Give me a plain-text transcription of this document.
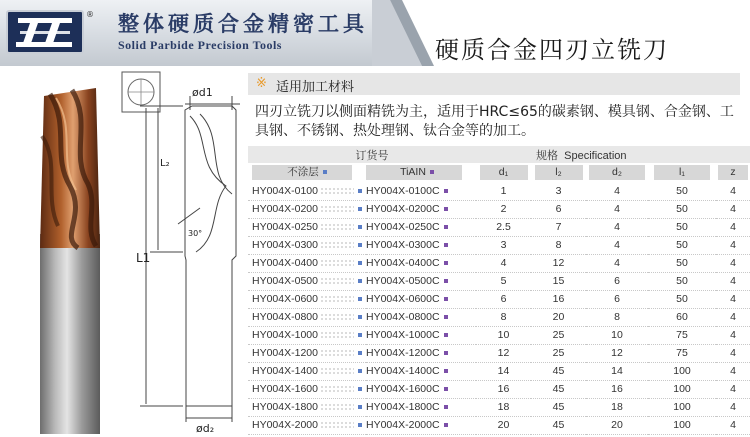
® 整体硬质合金精密工具
Solid Parbide Precision Tools	硬质合金四刃立铣刀
ød1
L₂
L1
30°
ød₂
※ 适用加工材料
四刃立铣刀以侧面精铣为主，适用于HRC≤65的碳素钢、模具钢、合金钢、工具钢、不锈钢、热处理钢、钛合金等的加工。
订货号		规格 Specification				
不涂层	TiAIN	d₁	l₂	d₂	l₁	z
HY004X-0100	HY004X-0100C	1	3	4	50	4
HY004X-0200	HY004X-0200C	2	6	4	50	4
HY004X-0250	HY004X-0250C	2.5	7	4	50	4
HY004X-0300	HY004X-0300C	3	8	4	50	4
HY004X-0400	HY004X-0400C	4	12	4	50	4
HY004X-0500	HY004X-0500C	5	15	6	50	4
HY004X-0600	HY004X-0600C	6	16	6	50	4
HY004X-0800	HY004X-0800C	8	20	8	60	4
HY004X-1000	HY004X-1000C	10	25	10	75	4
HY004X-1200	HY004X-1200C	12	25	12	75	4
HY004X-1400	HY004X-1400C	14	45	14	100	4
HY004X-1600	HY004X-1600C	16	45	16	100	4
HY004X-1800	HY004X-1800C	18	45	18	100	4
HY004X-2000	HY004X-2000C	20	45	20	100	4
